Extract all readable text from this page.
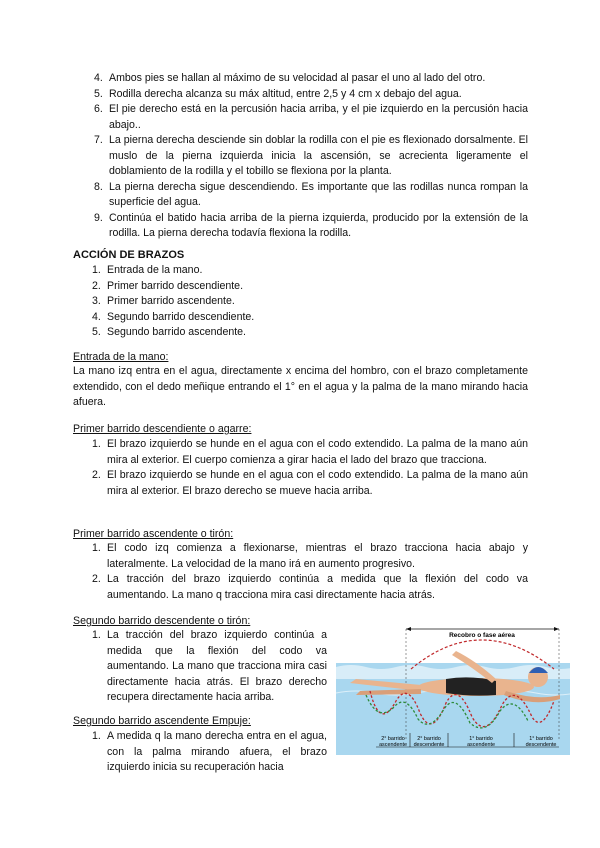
4. Ambos pies se hallan al máximo de su velocidad al pasar el uno al lado del otro.
5. Rodilla derecha alcanza su máx altitud, entre 2,5 y 4 cm x debajo del agua.
6. El pie derecho está en la percusión hacia arriba, y el pie izquierdo en la percusión hacia abajo..
7. La pierna derecha desciende sin doblar la rodilla con el pie es flexionado dorsalmente. El muslo de la pierna izquierda inicia la ascensión, se acrecienta ligeramente el doblamiento de la rodilla y el tobillo se flexiona por la planta.
8. La pierna derecha sigue descendiendo. Es importante que las rodillas nunca rompan la superficie del agua.
9. Continúa el batido hacia arriba de la pierna izquierda, producido por la extensión de la rodilla. La pierna derecha todavía flexiona la rodilla.
ACCIÓN DE BRAZOS
1. Entrada de la mano.
2. Primer barrido descendiente.
3. Primer barrido ascendente.
4. Segundo barrido descendiente.
5. Segundo barrido ascendente.
Entrada de la mano:
La mano izq entra en el agua, directamente x encima del hombro, con el brazo completamente extendido, con el dedo meñique entrando el 1° en el agua y la palma de la mano mirando hacia afuera.
Primer barrido descendiente o agarre:
1. El brazo izquierdo se hunde en el agua con el codo extendido. La palma de la mano aún mira al exterior. El cuerpo comienza a girar hacia el lado del brazo que tracciona.
2. El brazo izquierdo se hunde en el agua con el codo extendido. La palma de la mano aún mira al exterior. El brazo derecho se mueve hacia arriba.
Primer barrido ascendente o tirón:
1. El codo izq comienza a flexionarse, mientras el brazo tracciona hacia abajo y lateralmente. La velocidad de la mano irá en aumento progresivo.
2. La tracción del brazo izquierdo continúa a medida que la flexión del codo va aumentando. La mano q tracciona mira casi directamente hacia atrás.
Segundo barrido descendente o tirón:
1. La tracción del brazo izquierdo continúa a medida que la flexión del codo va aumentando. La mano que tracciona mira casi directamente hacia atrás. El brazo derecho recupera directamente hacia arriba.
Segundo barrido ascendente Empuje:
1. A medida q la mano derecha entra en el agua, con la palma mirando afuera, el brazo izquierdo inicia su recuperación hacia
Recobro o fase aérea
2° barrido
ascendente
2° barrido
descendente
1° barrido
ascendente
1° barrido
descendente
